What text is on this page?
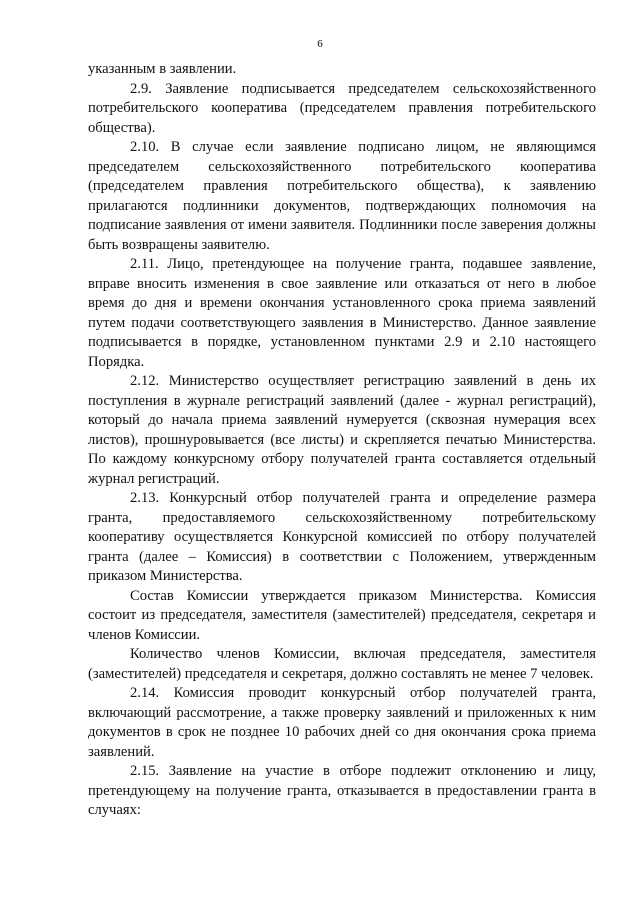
6

указанным в заявлении.

2.9. Заявление подписывается председателем сельскохозяйственного потребительского кооператива (председателем правления потребительского общества).

2.10. В случае если заявление подписано лицом, не являющимся председателем сельскохозяйственного потребительского кооператива (председателем правления потребительского общества), к заявлению прилагаются подлинники документов, подтверждающих полномочия на подписание заявления от имени заявителя. Подлинники после заверения должны быть возвращены заявителю.

2.11. Лицо, претендующее на получение гранта, подавшее заявление, вправе вносить изменения в свое заявление или отказаться от него в любое время до дня и времени окончания установленного срока приема заявлений путем подачи соответствующего заявления в Министерство. Данное заявление подписывается в порядке, установленном пунктами 2.9 и 2.10 настоящего Порядка.

2.12. Министерство осуществляет регистрацию заявлений в день их поступления в журнале регистраций заявлений (далее - журнал регистраций), который до начала приема заявлений нумеруется (сквозная нумерация всех листов), прошнуровывается (все листы) и скрепляется печатью Министерства. По каждому конкурсному отбору получателей гранта составляется отдельный журнал регистраций.

2.13. Конкурсный отбор получателей гранта и определение размера гранта, предоставляемого сельскохозяйственному потребительскому кооперативу осуществляется Конкурсной комиссией по отбору получателей гранта (далее – Комиссия) в соответствии с Положением, утвержденным приказом Министерства.

Состав Комиссии утверждается приказом Министерства. Комиссия состоит из председателя, заместителя (заместителей) председателя, секретаря и членов Комиссии.

Количество членов Комиссии, включая председателя, заместителя (заместителей) председателя и секретаря, должно составлять не менее 7 человек.

2.14. Комиссия проводит конкурсный отбор получателей гранта, включающий рассмотрение, а также проверку заявлений и приложенных к ним документов в срок не позднее 10 рабочих дней со дня окончания срока приема заявлений.

2.15. Заявление на участие в отборе подлежит отклонению и лицу, претендующему на получение гранта, отказывается в предоставлении гранта в случаях:
